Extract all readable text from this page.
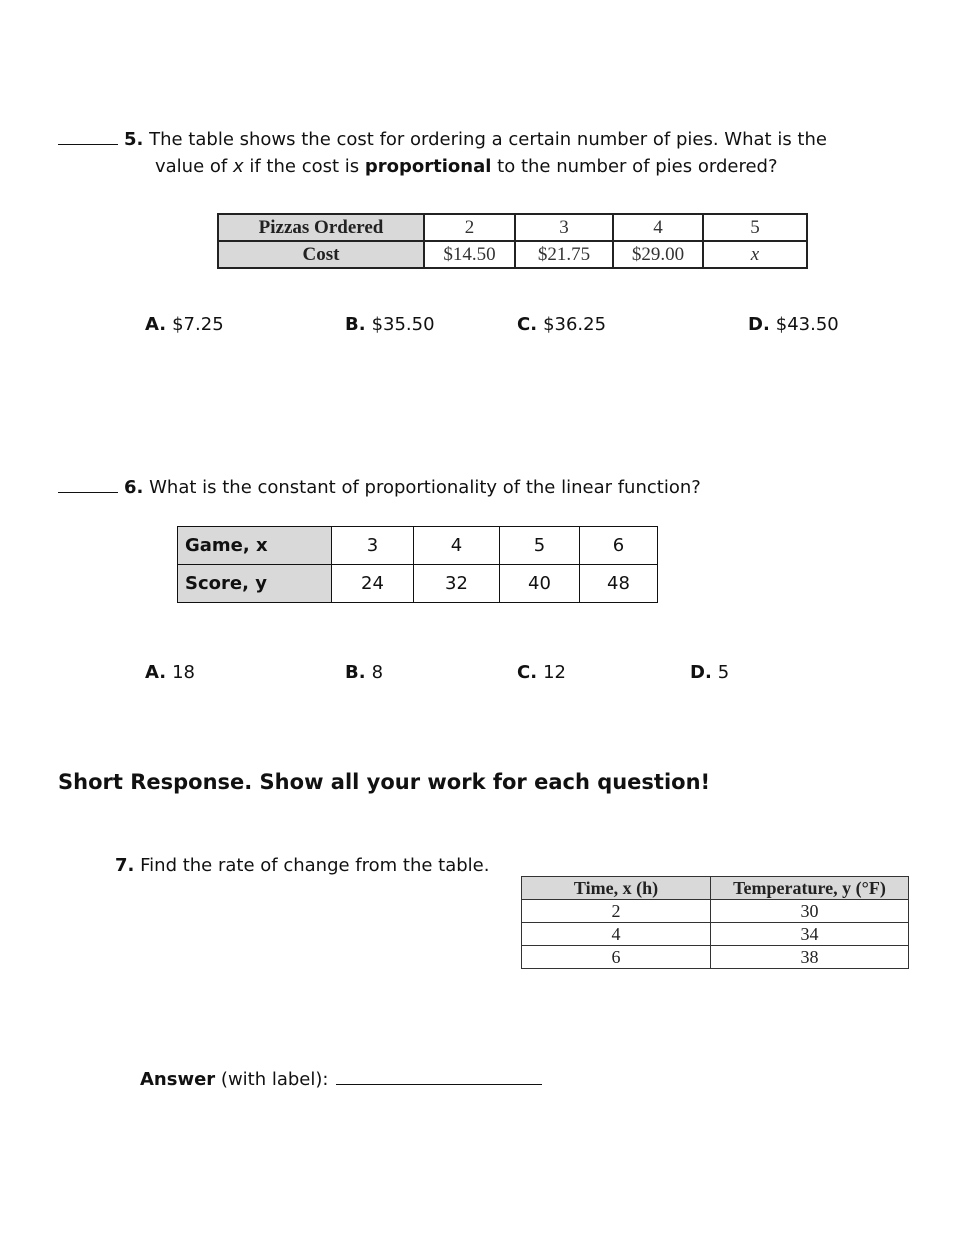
5. The table shows the cost for ordering a certain number of pies. What is the
value of x if the cost is proportional to the number of pies ordered?
Pizzas Ordered	2	3	4	5
Cost	$14.50	$21.75	$29.00	x
A. $7.25	B. $35.50	C. $36.25	D. $43.50
6. What is the constant of proportionality of the linear function?
Game, x	3	4	5	6
Score, y	24	32	40	48
A. 18	B. 8	C. 12	D. 5
Short Response. Show all your work for each question!
7. Find the rate of change from the table.
Time, x (h)	Temperature, y (°F)
2	30
4	34
6	38
Answer (with label):
